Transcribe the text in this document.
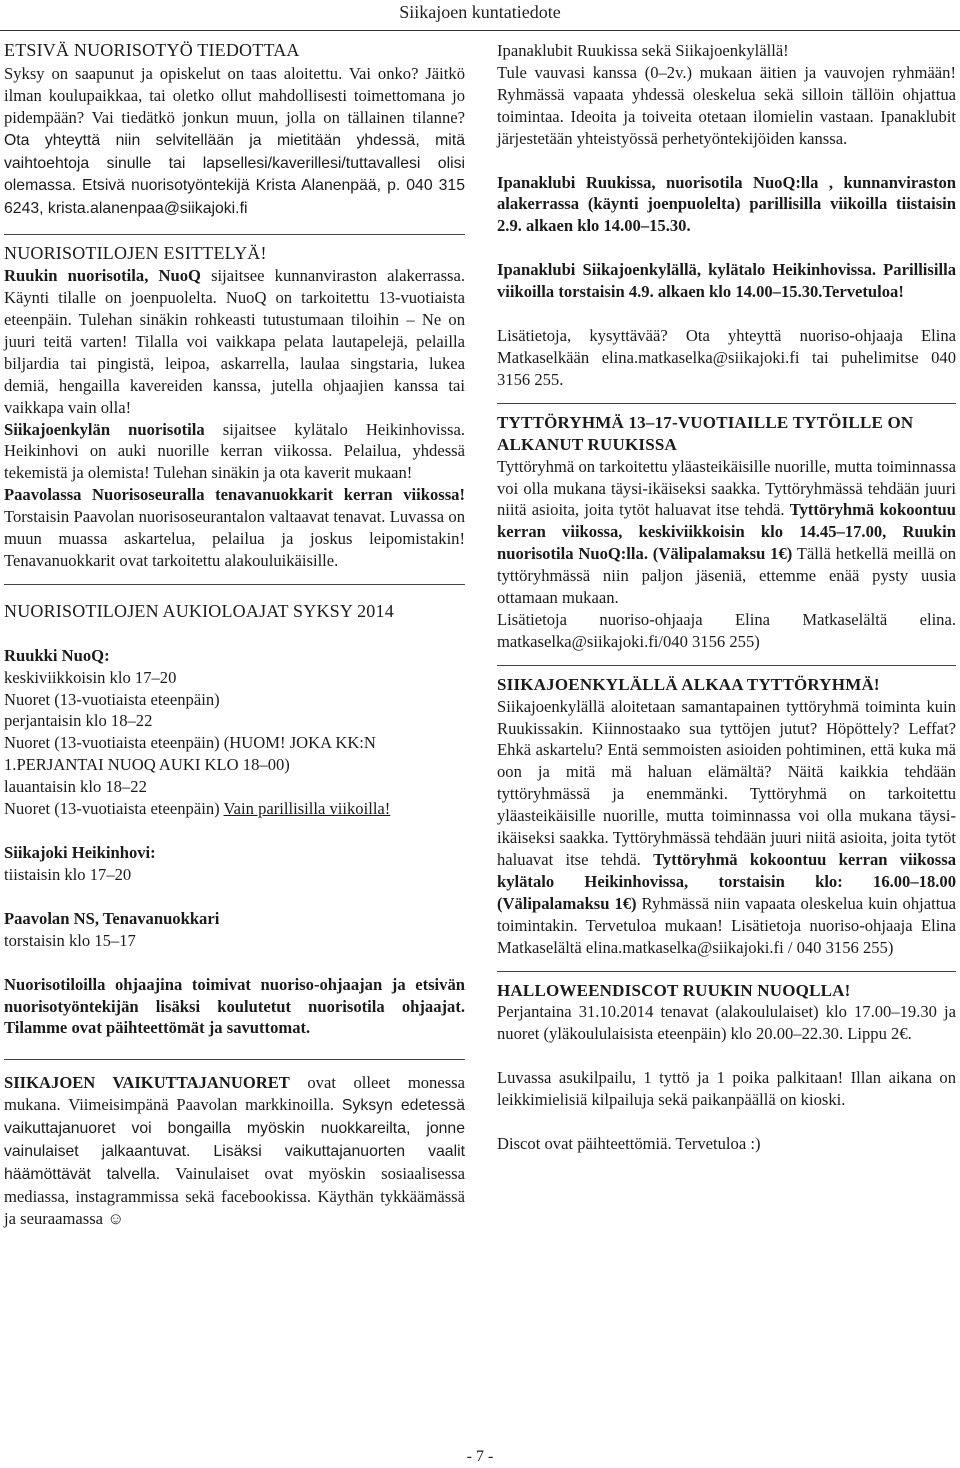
Siikajoen kuntatiedote
ETSIVÄ NUORISOTYÖ TIEDOTTAA

Syksy on saapunut ja opiskelut on taas aloitettu. Vai onko? Jäitkö ilman koulupaikkaa, tai oletko ollut mahdollisesti toimettomana jo pidempään? Vai tiedätkö jonkun muun, jolla on tällainen tilanne? Ota yhteyttä niin selvitellään ja mietitään yhdessä, mitä vaihtoehtoja sinulle tai lapsellesi/kaverillesi/tuttavallesi olisi olemassa. Etsivä nuorisotyöntekijä Krista Alanenpää, p. 040 315 6243, krista.alanenpaa@siikajoki.fi

NUORISOTILOJEN ESITTELYÄ!

Ruukin nuorisotila, NuoQ sijaitsee kunnanviraston alakerrassa. Käynti tilalle on joenpuolelta. NuoQ on tarkoitettu 13-vuotiaista eteenpäin. Tulehan sinäkin rohkeasti tutustumaan tiloihin – Ne on juuri teitä varten! Tilalla voi vaikkapa pelata lautapelejä, pelailla biljardia tai pingistä, leipoa, askarrella, laulaa singstaria, lukea demiä, hengailla kavereiden kanssa, jutella ohjaajien kanssa tai vaikkapa vain olla!

Siikajoenkylän nuorisotila sijaitsee kylätalo Heikinhovissa. Heikinhovi on auki nuorille kerran viikossa. Pelailua, yhdessä tekemistä ja olemista! Tulehan sinäkin ja ota kaverit mukaan!

Paavolassa Nuorisoseuralla tenavanuokkarit kerran viikossa! Torstaisin Paavolan nuorisoseurantalon valtaavat tenavat. Luvassa on muun muassa askartelua, pelailua ja joskus leipomistakin! Tenavanuokkarit ovat tarkoitettu alakouluikäisille.

NUORISOTILOJEN AUKIOLOAJAT SYKSY 2014

Ruukki NuoQ:

keskiviikkoisin klo 17–20

Nuoret (13-vuotiaista eteenpäin)

perjantaisin klo 18–22

Nuoret (13-vuotiaista eteenpäin) (HUOM! JOKA KK:N 1.PERJANTAI NUOQ AUKI KLO 18–00)

lauantaisin klo 18–22

Nuoret (13-vuotiaista eteenpäin) Vain parillisilla viikoilla!

Siikajoki Heikinhovi:

tiistaisin klo 17–20

Paavolan NS, Tenavanuokkari

torstaisin klo 15–17

Nuorisotiloilla ohjaajina toimivat nuoriso-ohjaajan ja etsivän nuorisotyöntekijän lisäksi koulutetut nuorisotila ohjaajat. Tilamme ovat päihteettömät ja savuttomat.

SIIKAJOEN VAIKUTTAJANUORET ovat olleet monessa mukana. Viimeisimpänä Paavolan markkinoilla. Syksyn edetessä vaikuttajanuoret voi bongailla myöskin nuokkareilta, jonne vainulaiset jalkaantuvat. Lisäksi vaikuttajanuorten vaalit häämöttävät talvella. Vainulaiset ovat myöskin sosiaalisessa mediassa, instagrammissa sekä facebookissa. Käythän tykkäämässä ja seuraamassa ☺

Ipanaklubit Ruukissa sekä Siikajoenkylällä!

Tule vauvasi kanssa (0–2v.) mukaan äitien ja vauvojen ryhmään! Ryhmässä vapaata yhdessä oleskelua sekä silloin tällöin ohjattua toimintaa. Ideoita ja toiveita otetaan ilomielin vastaan. Ipanaklubit järjestetään yhteistyössä perhetyöntekijöiden kanssa.

Ipanaklubi Ruukissa, nuorisotila NuoQ:lla , kunnanviraston alakerrassa (käynti joenpuolelta) parillisilla viikoilla tiistaisin 2.9. alkaen klo 14.00–15.30.

Ipanaklubi Siikajoenkylällä, kylätalo Heikinhovissa. Parillisilla viikoilla torstaisin 4.9. alkaen klo 14.00–15.30.Tervetuloa!

Lisätietoja, kysyttävää? Ota yhteyttä nuoriso-ohjaaja Elina Matkaselkään elina.matkaselka@siikajoki.fi tai puhelimitse 040 3156 255.

TYTTÖRYHMÄ 13–17-VUOTIAILLE TYTÖILLE ON ALKANUT RUUKISSA

Tyttöryhmä on tarkoitettu yläasteikäisille nuorille, mutta toiminnassa voi olla mukana täysi-ikäiseksi saakka. Tyttöryhmässä tehdään juuri niitä asioita, joita tytöt haluavat itse tehdä. Tyttöryhmä kokoontuu kerran viikossa, keskiviikkoisin klo 14.45–17.00, Ruukin nuorisotila NuoQ:lla. (Välipalamaksu 1€) Tällä hetkellä meillä on tyttöryhmässä niin paljon jäseniä, ettemme enää pysty uusia ottamaan mukaan.

Lisätietoja nuoriso-ohjaaja Elina Matkaselältä elina. matkaselka@siikajoki.fi/040 3156 255)

SIIKAJOENKYLÄLLÄ ALKAA TYTTÖRYHMÄ!

Siikajoenkylällä aloitetaan samantapainen tyttöryhmä toiminta kuin Ruukissakin. Kiinnostaako sua tyttöjen jutut? Höpöttely? Leffat? Ehkä askartelu? Entä semmoisten asioiden pohtiminen, että kuka mä oon ja mitä mä haluan elämältä? Näitä kaikkia tehdään tyttöryhmässä ja enemmänki. Tyttöryhmä on tarkoitettu yläasteikäisille nuorille, mutta toiminnassa voi olla mukana täysi-ikäiseksi saakka. Tyttöryhmässä tehdään juuri niitä asioita, joita tytöt haluavat itse tehdä. Tyttöryhmä kokoontuu kerran viikossa kylätalo Heikinhovissa, torstaisin klo: 16.00–18.00 (Välipalamaksu 1€) Ryhmässä niin vapaata oleskelua kuin ohjattua toimintakin. Tervetuloa mukaan! Lisätietoja nuoriso-ohjaaja Elina Matkaselältä elina.matkaselka@siikajoki.fi / 040 3156 255)

HALLOWEENDISCOT RUUKIN NUOQLLA!

Perjantaina 31.10.2014 tenavat (alakoululaiset) klo 17.00–19.30 ja nuoret (yläkoululaisista eteenpäin) klo 20.00–22.30. Lippu 2€.

Luvassa asukilpailu, 1 tyttö ja 1 poika palkitaan! Illan aikana on leikkimielisiä kilpailuja sekä paikanpäällä on kioski.

Discot ovat päihteettömiä. Tervetuloa :)

- 7 -
